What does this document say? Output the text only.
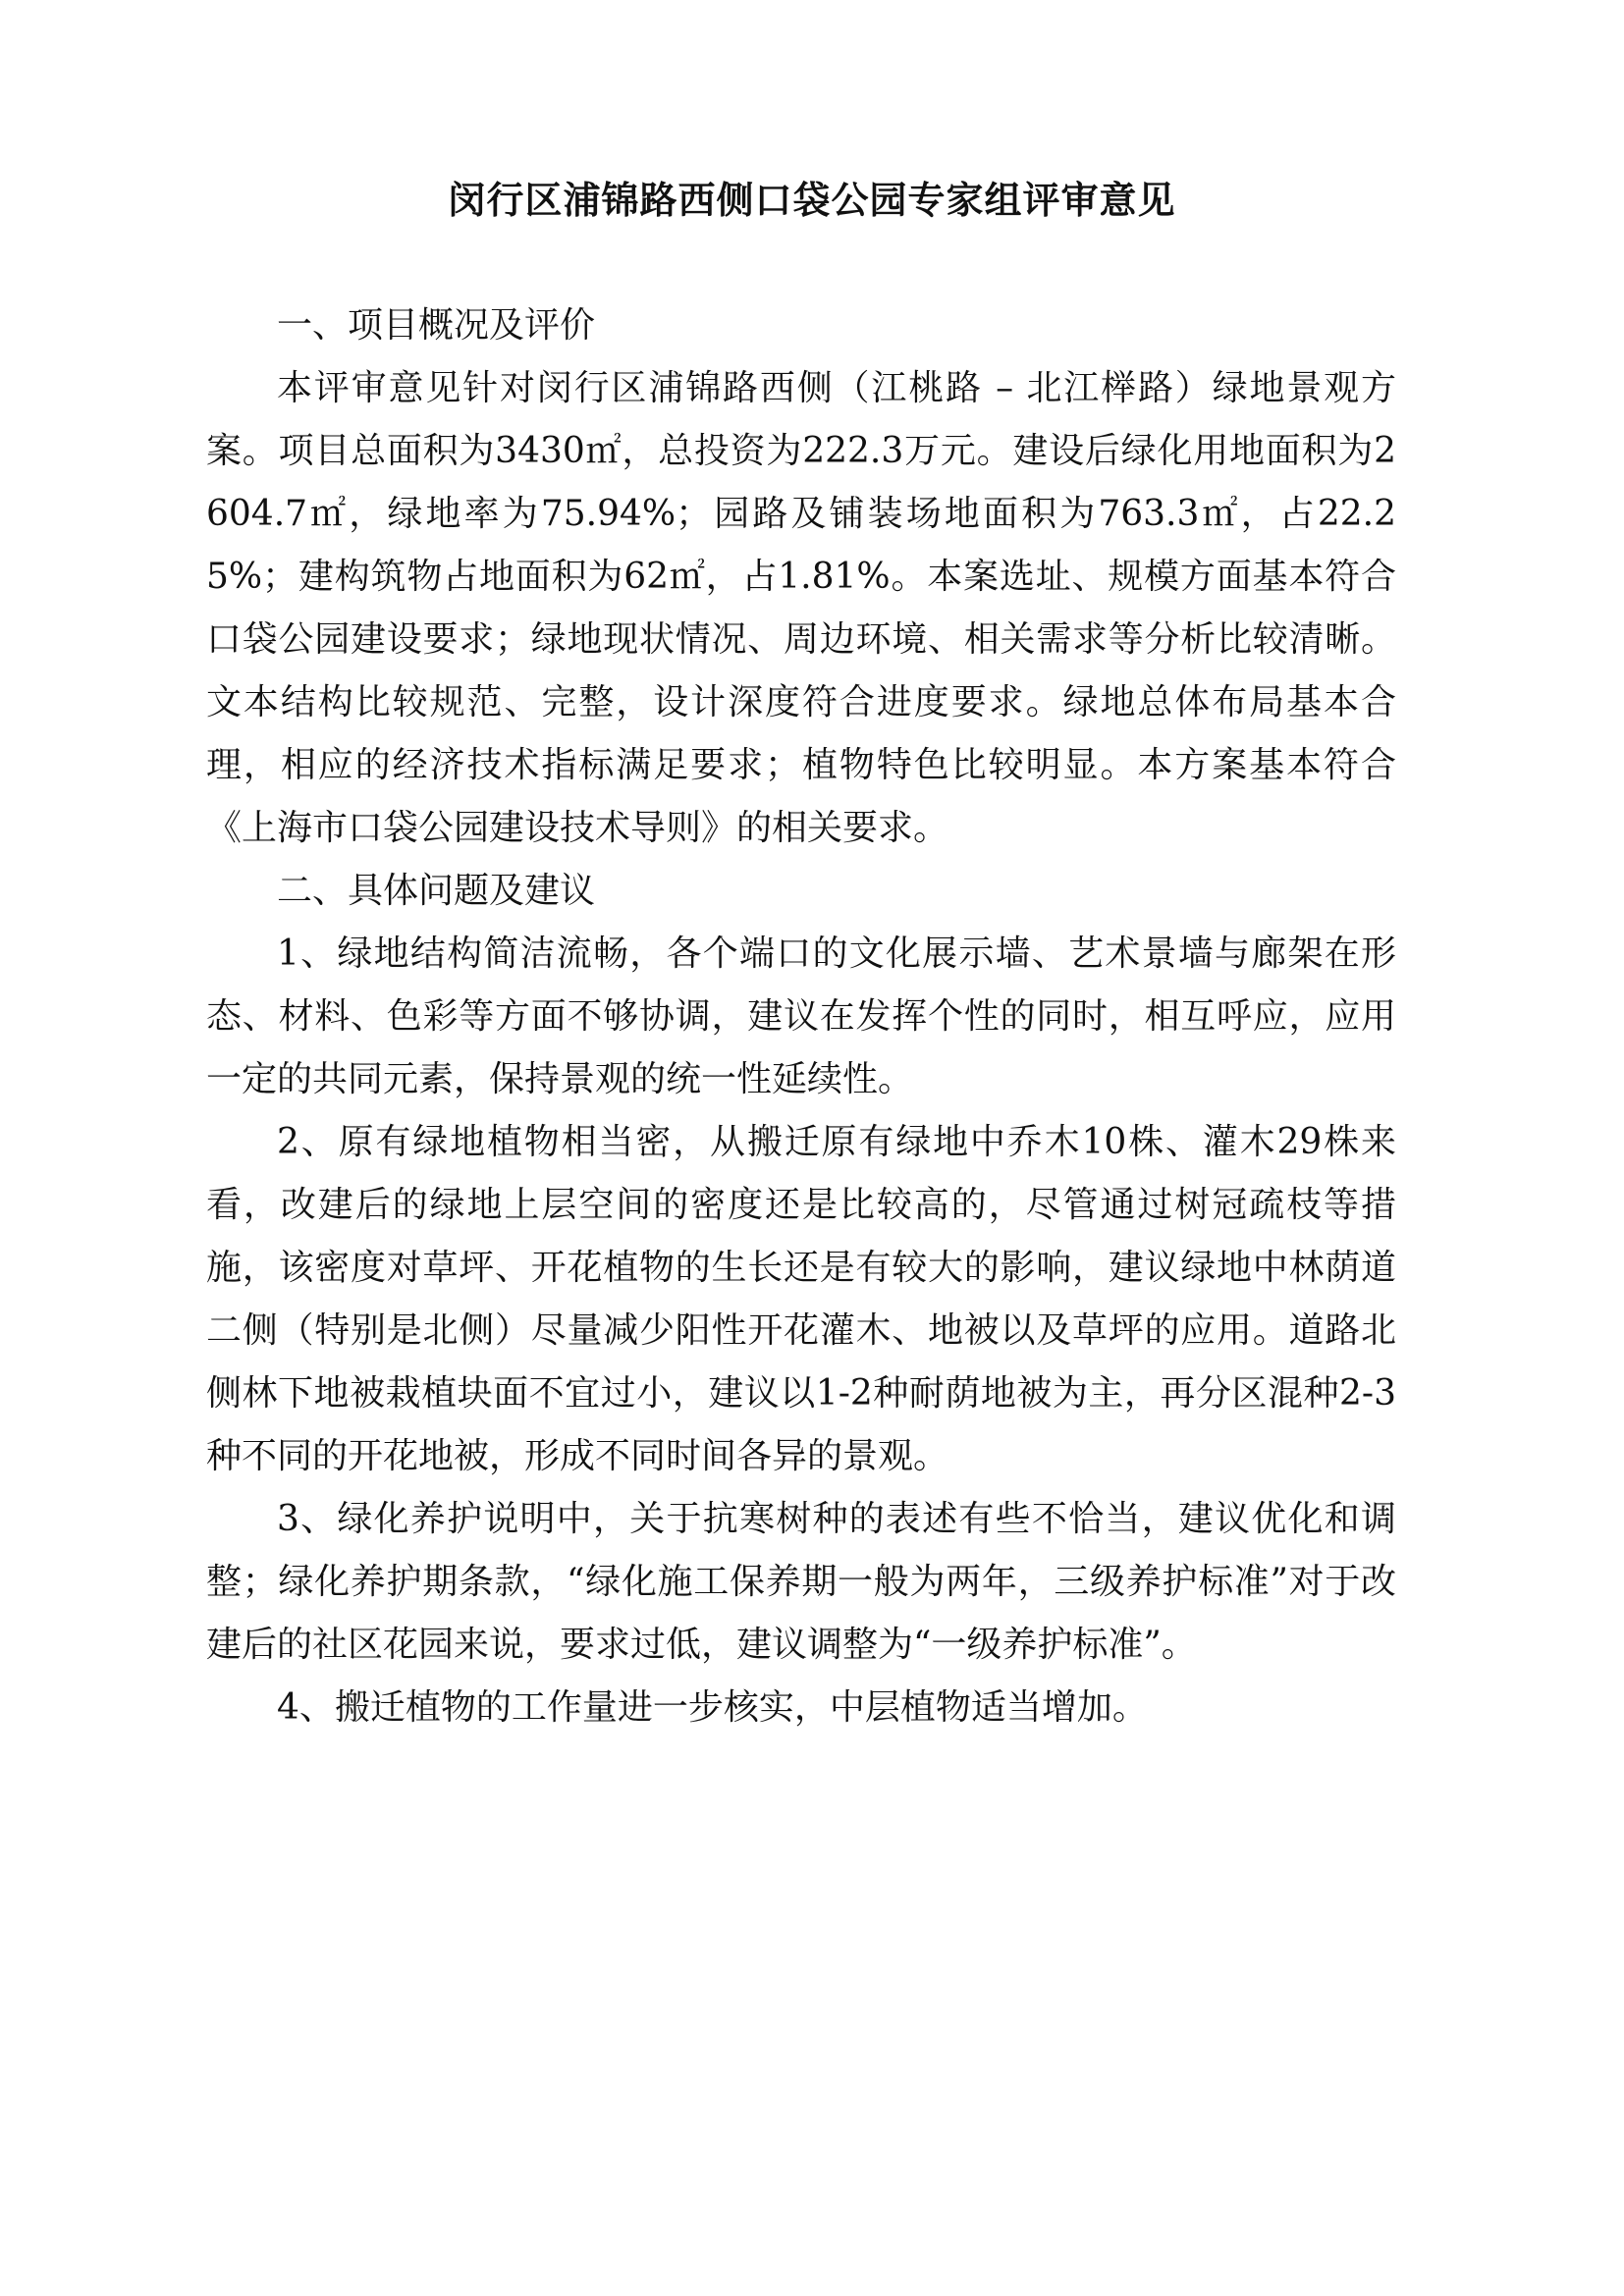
闵行区浦锦路西侧口袋公园专家组评审意见

一、项目概况及评价

本评审意见针对闵行区浦锦路西侧（江桃路 – 北江榉路）绿地景观方案。项目总面积为3430㎡，总投资为222.3万元。建设后绿化用地面积为2604.7㎡，绿地率为75.94%；园路及铺装场地面积为763.3㎡，占22.25%；建构筑物占地面积为62㎡，占1.81%。本案选址、规模方面基本符合口袋公园建设要求；绿地现状情况、周边环境、相关需求等分析比较清晰。文本结构比较规范、完整，设计深度符合进度要求。绿地总体布局基本合理，相应的经济技术指标满足要求；植物特色比较明显。本方案基本符合《上海市口袋公园建设技术导则》的相关要求。

二、具体问题及建议

1、绿地结构简洁流畅，各个端口的文化展示墙、艺术景墙与廊架在形态、材料、色彩等方面不够协调，建议在发挥个性的同时，相互呼应，应用一定的共同元素，保持景观的统一性延续性。

2、原有绿地植物相当密，从搬迁原有绿地中乔木10株、灌木29株来看，改建后的绿地上层空间的密度还是比较高的，尽管通过树冠疏枝等措施，该密度对草坪、开花植物的生长还是有较大的影响，建议绿地中林荫道二侧（特别是北侧）尽量减少阳性开花灌木、地被以及草坪的应用。道路北侧林下地被栽植块面不宜过小，建议以1-2种耐荫地被为主，再分区混种2-3种不同的开花地被，形成不同时间各异的景观。

3、绿化养护说明中，关于抗寒树种的表述有些不恰当，建议优化和调整；绿化养护期条款，“绿化施工保养期一般为两年，三级养护标准”对于改建后的社区花园来说，要求过低，建议调整为“一级养护标准”。

4、搬迁植物的工作量进一步核实，中层植物适当增加。
